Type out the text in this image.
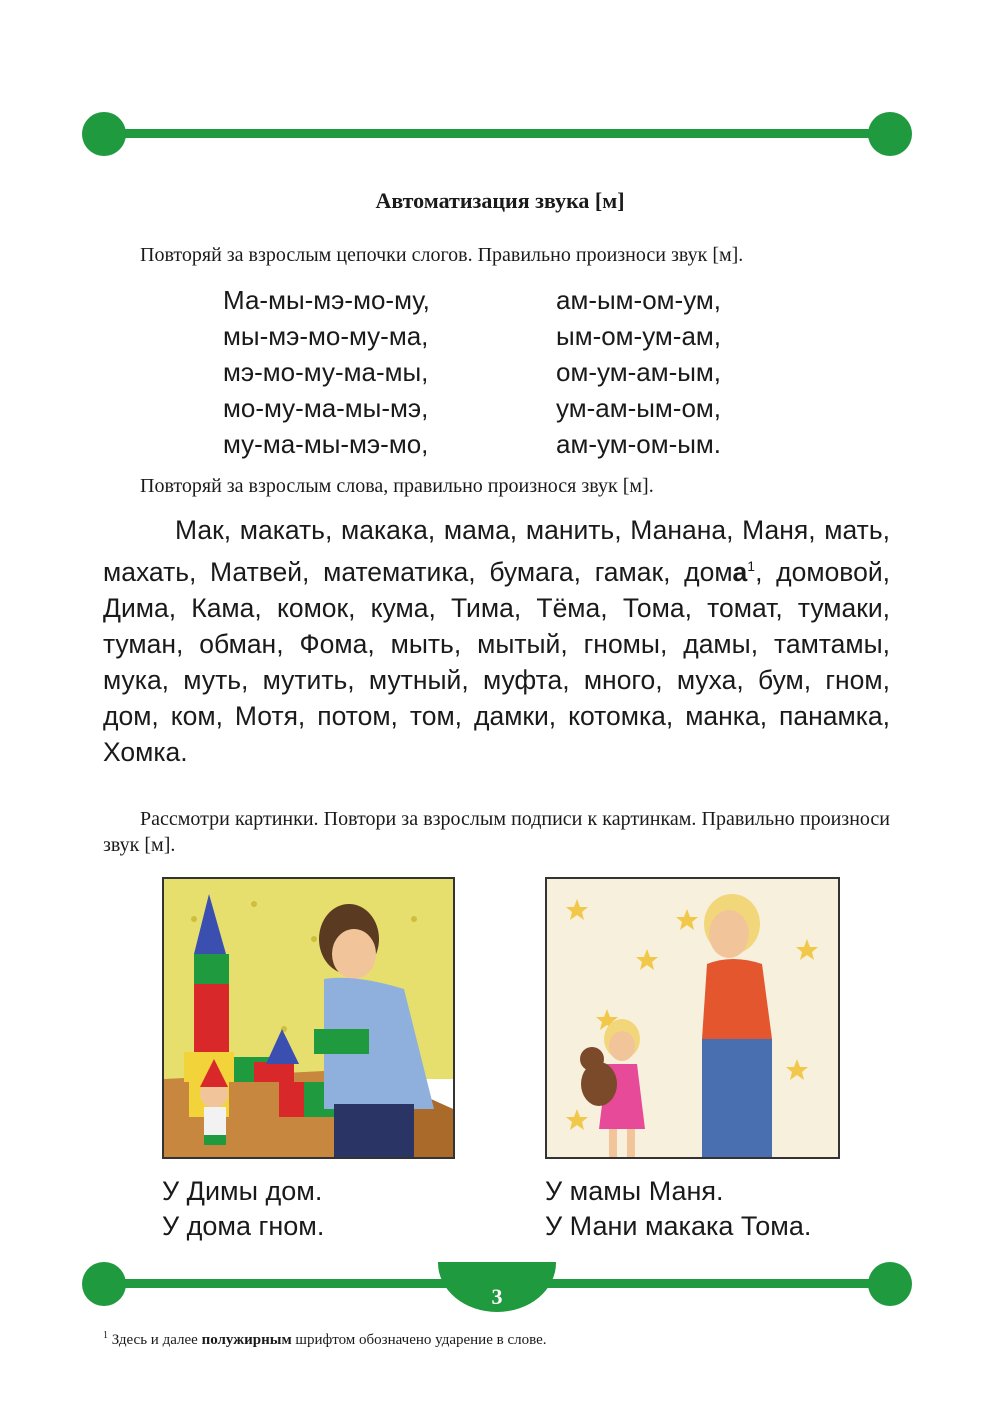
Автоматизация звука [м]
Повторяй за взрослым цепочки слогов. Правильно произноси звук [м].
Ма-мы-мэ-мо-му,
мы-мэ-мо-му-ма,
мэ-мо-му-ма-мы,
мо-му-ма-мы-мэ,
му-ма-мы-мэ-мо,
ам-ым-ом-ум,
ым-ом-ум-ам,
ом-ум-ам-ым,
ум-ам-ым-ом,
ам-ум-ом-ым.
Повторяй за взрослым слова, правильно произнося звук [м].
Мак, макать, макака, мама, манить, Манана, Маня, мать, махать, Матвей, математика, бумага, гамак, дома$^1$, домовой, Дима, Кама, комок, кума, Тима, Тёма, Тома, томат, тумаки, туман, обман, Фома, мыть, мытый, гномы, дамы, тамтамы, мука, муть, мутить, мутный, муфта, много, муха, бум, гном, дом, ком, Мотя, потом, том, дамки, котомка, манка, панамка, Хомка.
Рассмотри картинки. Повтори за взрослым подписи к картинкам. Правильно произноси звук [м].
У Димы дом.
У дома гном.
У мамы Маня.
У Мани макака Тома.
3
$^1$ Здесь и далее полужирным шрифтом обозначено ударение в слове.
